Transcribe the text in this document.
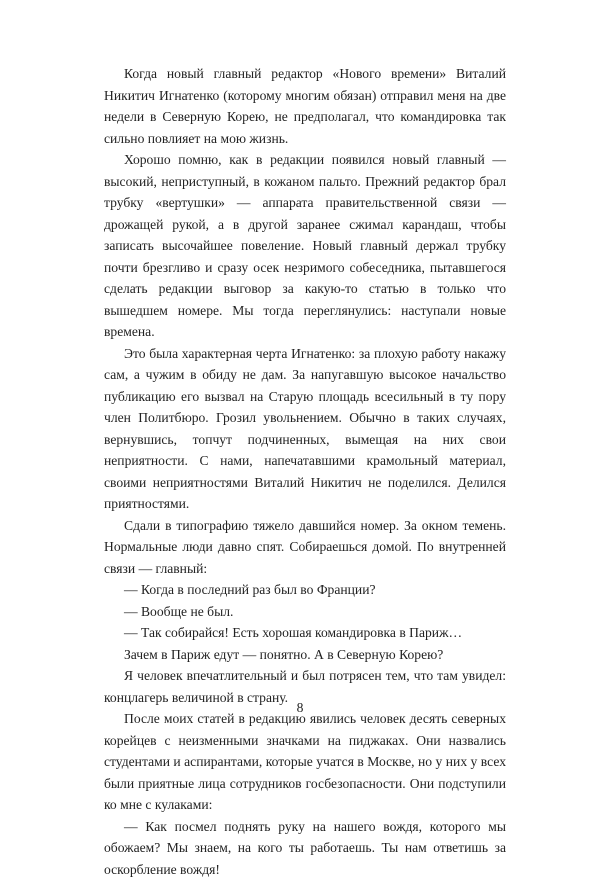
Когда новый главный редактор «Нового времени» Виталий Никитич Игнатенко (которому многим обязан) отправил меня на две недели в Северную Корею, не предполагал, что командировка так сильно повлияет на мою жизнь.

Хорошо помню, как в редакции появился новый главный — высокий, неприступный, в кожаном пальто. Прежний редактор брал трубку «вертушки» — аппарата правительственной связи — дрожащей рукой, а в другой заранее сжимал карандаш, чтобы записать высочайшее повеление. Новый главный держал трубку почти брезгливо и сразу осек незримого собеседника, пытавшегося сделать редакции выговор за какую-то статью в только что вышедшем номере. Мы тогда переглянулись: наступали новые времена.

Это была характерная черта Игнатенко: за плохую работу накажу сам, а чужим в обиду не дам. За напугавшую высокое начальство публикацию его вызвал на Старую площадь всесильный в ту пору член Политбюро. Грозил увольнением. Обычно в таких случаях, вернувшись, топчут подчиненных, вымещая на них свои неприятности. С нами, напечатавшими крамольный материал, своими неприятностями Виталий Никитич не поделился. Делился приятностями.

Сдали в типографию тяжело давшийся номер. За окном темень. Нормальные люди давно спят. Собираешься домой. По внутренней связи — главный:

— Когда в последний раз был во Франции?

— Вообще не был.

— Так собирайся! Есть хорошая командировка в Париж…

Зачем в Париж едут — понятно. А в Северную Корею?

Я человек впечатлительный и был потрясен тем, что там увидел: концлагерь величиной в страну.

После моих статей в редакцию явились человек десять северных корейцев с неизменными значками на пиджаках. Они назвались студентами и аспирантами, которые учатся в Москве, но у них у всех были приятные лица сотрудников госбезопасности. Они подступили ко мне с кулаками:

— Как посмел поднять руку на нашего вождя, которого мы обожаем? Мы знаем, на кого ты работаешь. Ты нам ответишь за оскорбление вождя!

8
